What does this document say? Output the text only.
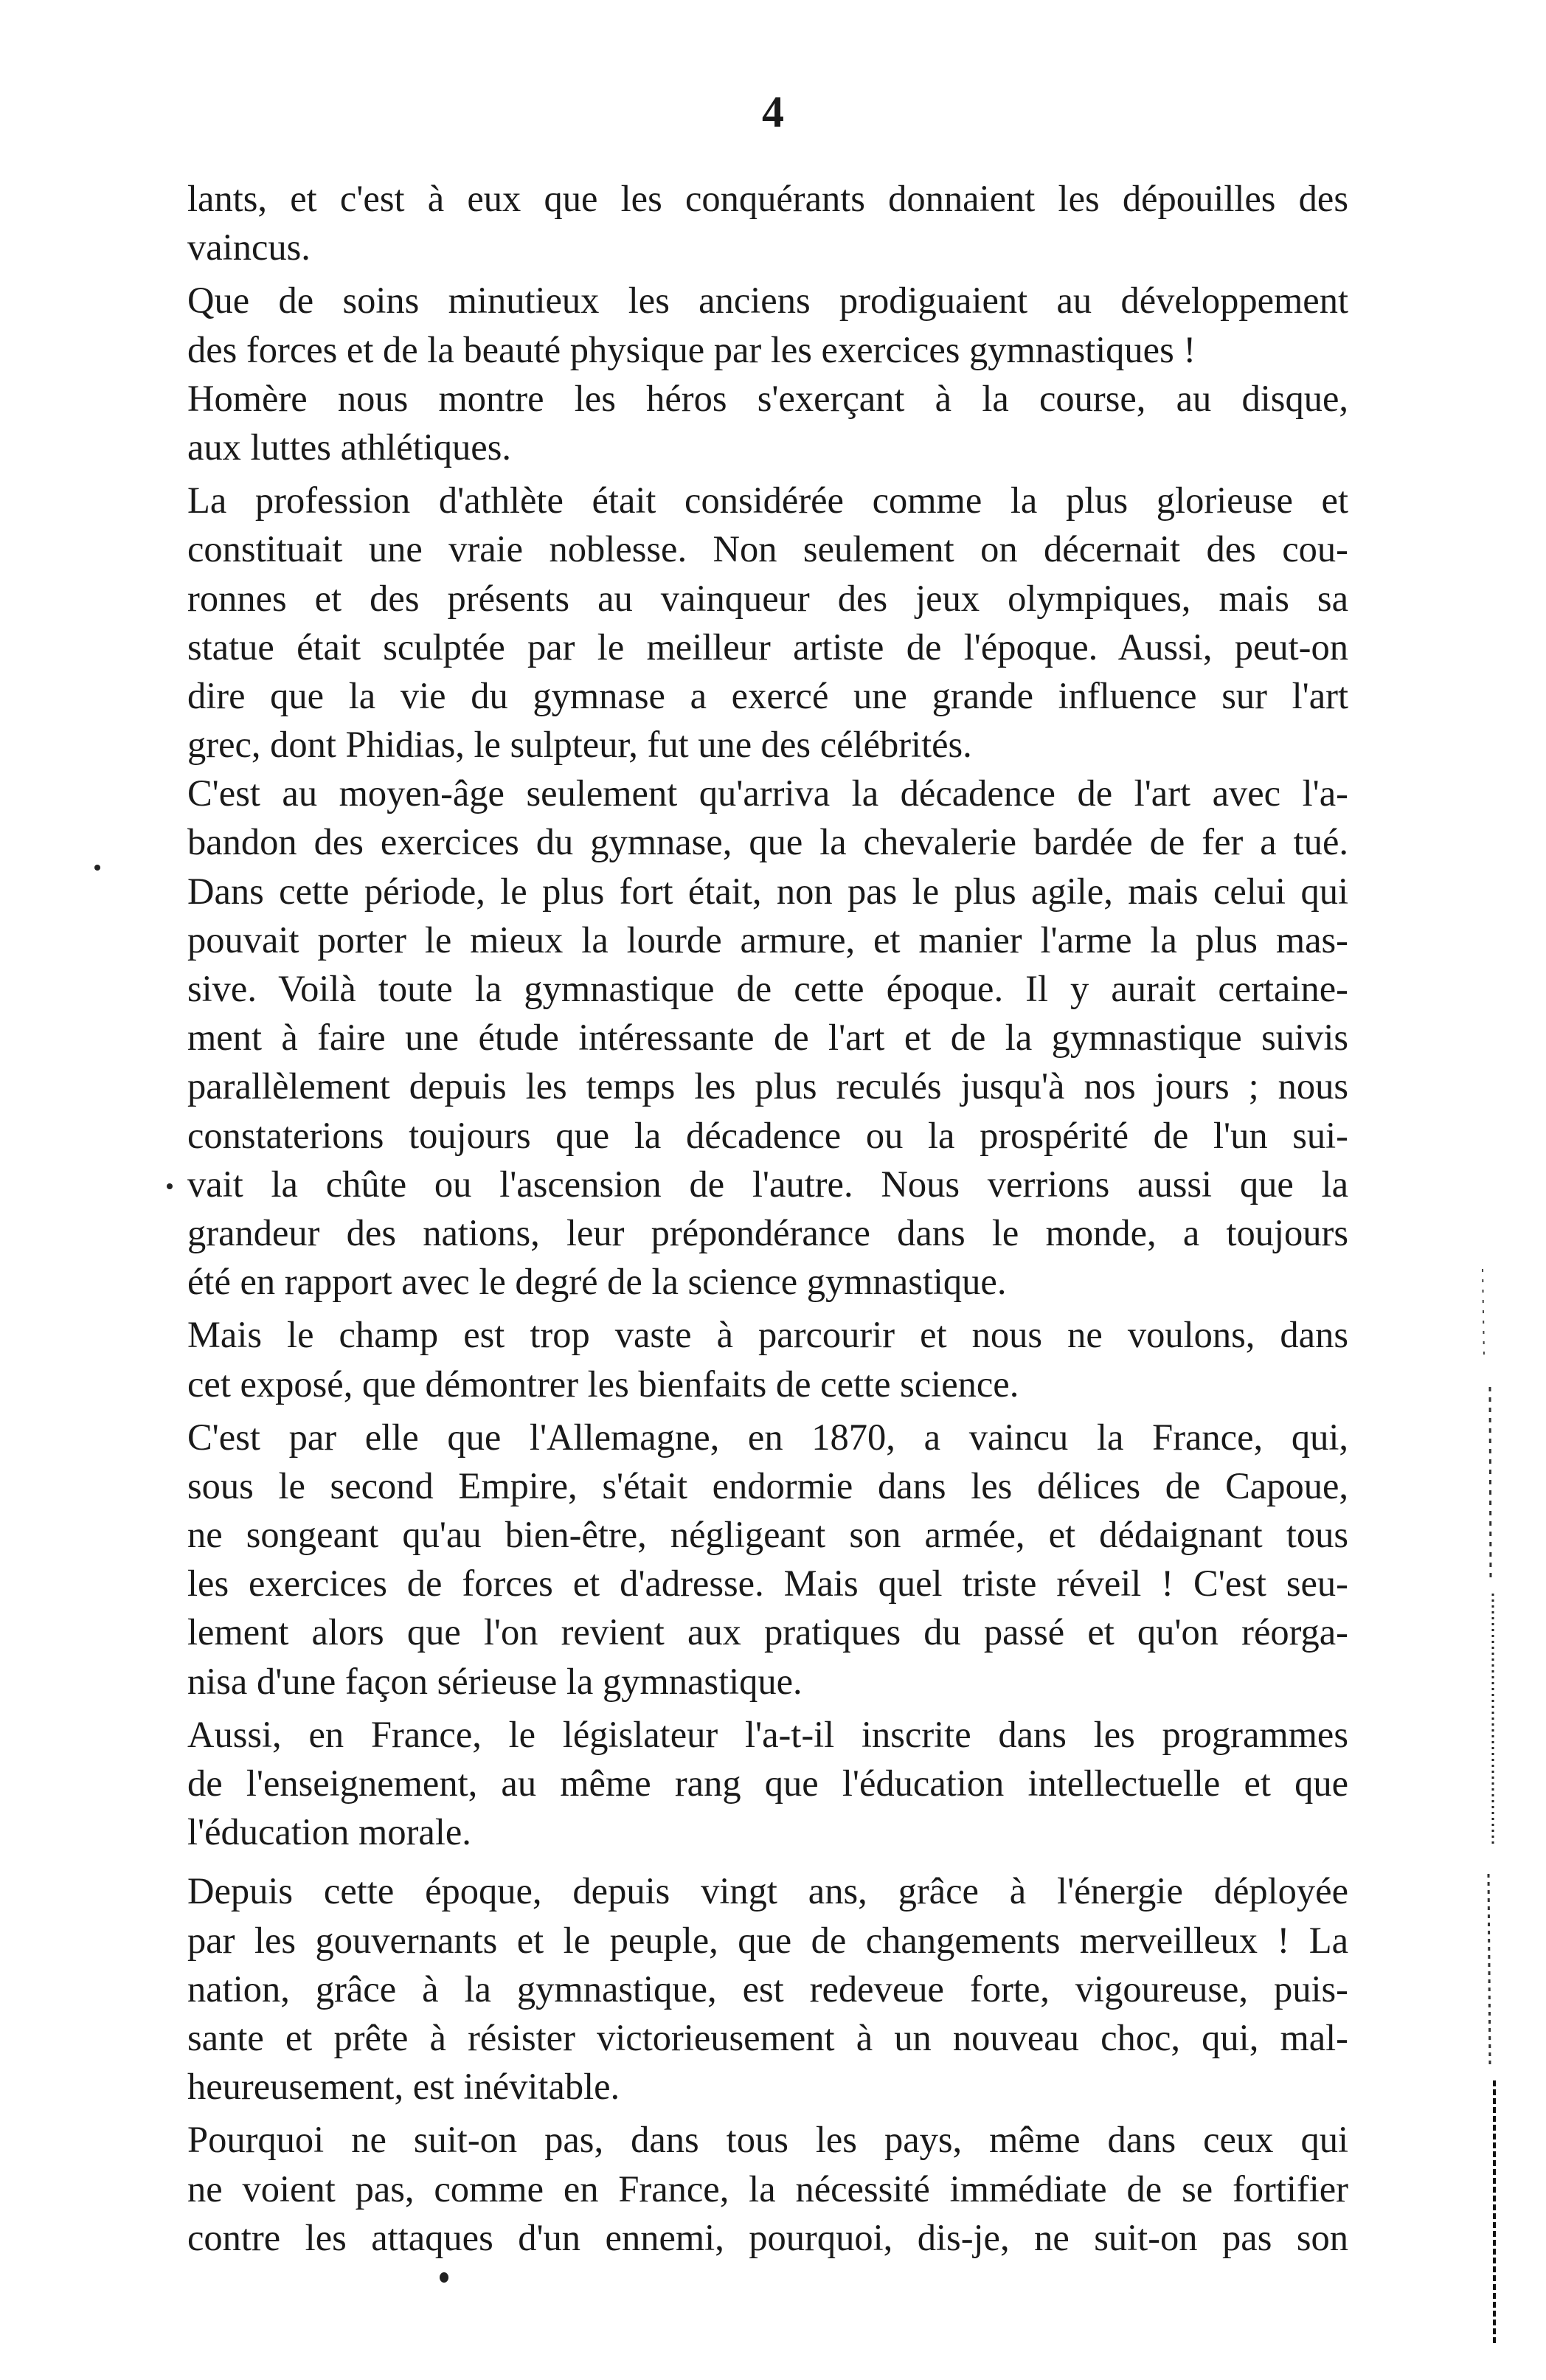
4
lants, et c'est à eux que les conquérants donnaient les dépouilles des
vaincus.
Que de soins minutieux les anciens prodiguaient au développement
des forces et de la beauté physique par les exercices gymnastiques !
Homère nous montre les héros s'exerçant à la course, au disque,
aux luttes athlétiques.
La profession d'athlète était considérée comme la plus glorieuse et
constituait une vraie noblesse. Non seulement on décernait des cou-
ronnes et des présents au vainqueur des jeux olympiques, mais sa
statue était sculptée par le meilleur artiste de l'époque. Aussi, peut-on
dire que la vie du gymnase a exercé une grande influence sur l'art
grec, dont Phidias, le sulpteur, fut une des célébrités.
C'est au moyen-âge seulement qu'arriva la décadence de l'art avec l'a-
bandon des exercices du gymnase, que la chevalerie bardée de fer a tué.
Dans cette période, le plus fort était, non pas le plus agile, mais celui qui
pouvait porter le mieux la lourde armure, et manier l'arme la plus mas-
sive. Voilà toute la gymnastique de cette époque. Il y aurait certaine-
ment à faire une étude intéressante de l'art et de la gymnastique suivis
parallèlement depuis les temps les plus reculés jusqu'à nos jours ; nous
constaterions toujours que la décadence ou la prospérité de l'un sui-
vait la chûte ou l'ascension de l'autre. Nous verrions aussi que la
grandeur des nations, leur prépondérance dans le monde, a toujours
été en rapport avec le degré de la science gymnastique.
Mais le champ est trop vaste à parcourir et nous ne voulons, dans
cet exposé, que démontrer les bienfaits de cette science.
C'est par elle que l'Allemagne, en 1870, a vaincu la France, qui,
sous le second Empire, s'était endormie dans les délices de Capoue,
ne songeant qu'au bien-être, négligeant son armée, et dédaignant tous
les exercices de forces et d'adresse. Mais quel triste réveil ! C'est seu-
lement alors que l'on revient aux pratiques du passé et qu'on réorga-
nisa d'une façon sérieuse la gymnastique.
Aussi, en France, le législateur l'a-t-il inscrite dans les programmes
de l'enseignement, au même rang que l'éducation intellectuelle et que
l'éducation morale.
Depuis cette époque, depuis vingt ans, grâce à l'énergie déployée
par les gouvernants et le peuple, que de changements merveilleux ! La
nation, grâce à la gymnastique, est redeveue forte, vigoureuse, puis-
sante et prête à résister victorieusement à un nouveau choc, qui, mal-
heureusement, est inévitable.
Pourquoi ne suit-on pas, dans tous les pays, même dans ceux qui
ne voient pas, comme en France, la nécessité immédiate de se fortifier
contre les attaques d'un ennemi, pourquoi, dis-je, ne suit-on pas son
